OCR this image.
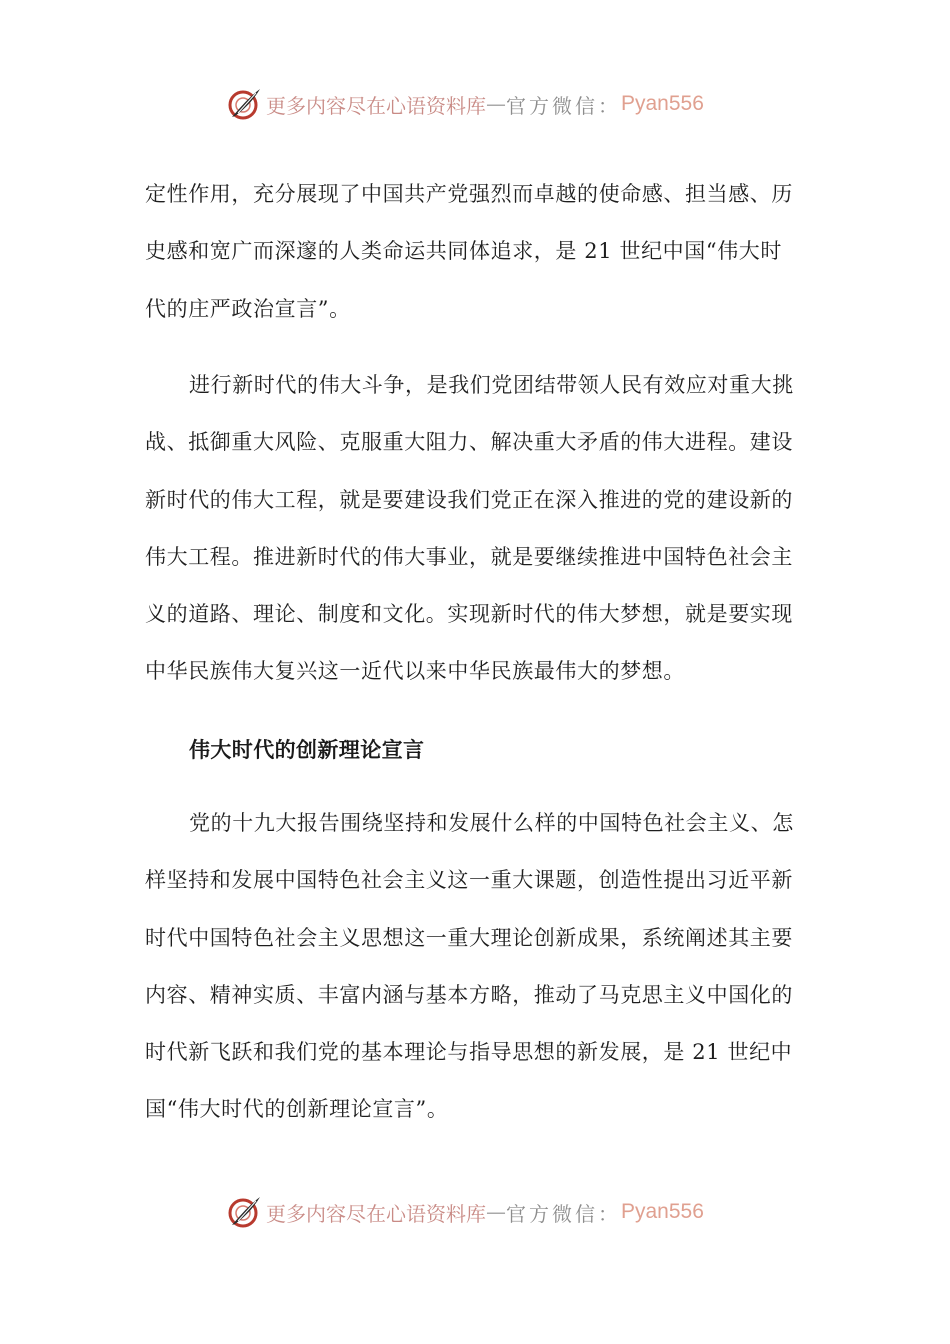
更多内容尽在心语资料库 — 官方微信： Pyan556

定性作用，充分展现了中国共产党强烈而卓越的使命感、担当感、历史感和宽广而深邃的人类命运共同体追求，是 21 世纪中国“伟大时代的庄严政治宣言”。

进行新时代的伟大斗争，是我们党团结带领人民有效应对重大挑战、抵御重大风险、克服重大阻力、解决重大矛盾的伟大进程。建设新时代的伟大工程，就是要建设我们党正在深入推进的党的建设新的伟大工程。推进新时代的伟大事业，就是要继续推进中国特色社会主义的道路、理论、制度和文化。实现新时代的伟大梦想，就是要实现中华民族伟大复兴这一近代以来中华民族最伟大的梦想。

伟大时代的创新理论宣言

党的十九大报告围绕坚持和发展什么样的中国特色社会主义、怎样坚持和发展中国特色社会主义这一重大课题，创造性提出习近平新时代中国特色社会主义思想这一重大理论创新成果，系统阐述其主要内容、精神实质、丰富内涵与基本方略，推动了马克思主义中国化的时代新飞跃和我们党的基本理论与指导思想的新发展，是 21 世纪中国“伟大时代的创新理论宣言”。

更多内容尽在心语资料库 — 官方微信： Pyan556
